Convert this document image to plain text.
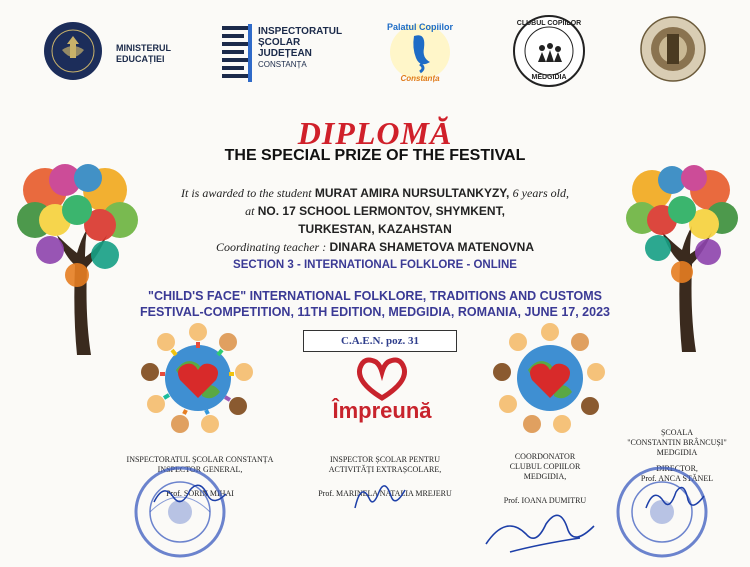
MINISTERUL
EDUCAȚIEI
INSPECTORATUL
ȘCOLAR
JUDEȚEAN
CONSTANȚA
Palatul Copiilor
Constanța
CLUBUL COPIILOR
MEDGIDIA
DIPLOMĂ
THE SPECIAL PRIZE OF THE FESTIVAL
It is awarded to the student MURAT AMIRA NURSULTANKYZY, 6 years old,
at NO. 17 SCHOOL LERMONTOV, SHYMKENT,
TURKESTAN, KAZAHSTAN
Coordinating teacher : DINARA SHAMETOVA MATENOVNA
SECTION 3 - INTERNATIONAL FOLKLORE - ONLINE
"CHILD'S FACE" INTERNATIONAL FOLKLORE, TRADITIONS AND CUSTOMS
FESTIVAL-COMPETITION, 11TH EDITION, MEDGIDIA, ROMANIA, JUNE 17, 2023
C.A.E.N. poz. 31
Împreună
INSPECTORATUL ȘCOLAR CONSTANȚA
INSPECTOR GENERAL,
Prof. SORIN MIHAI
INSPECTOR ȘCOLAR PENTRU
ACTIVITĂȚI EXTRAȘCOLARE,
Prof. MARINELA NATALIA MREJERU
COORDONATOR
CLUBUL COPIILOR
MEDGIDIA,
Prof. IOANA DUMITRU
ȘCOALA
"CONSTANTIN BRÂNCUȘI"
MEDGIDIA
DIRECTOR,
Prof. ANCA STĂNEL
